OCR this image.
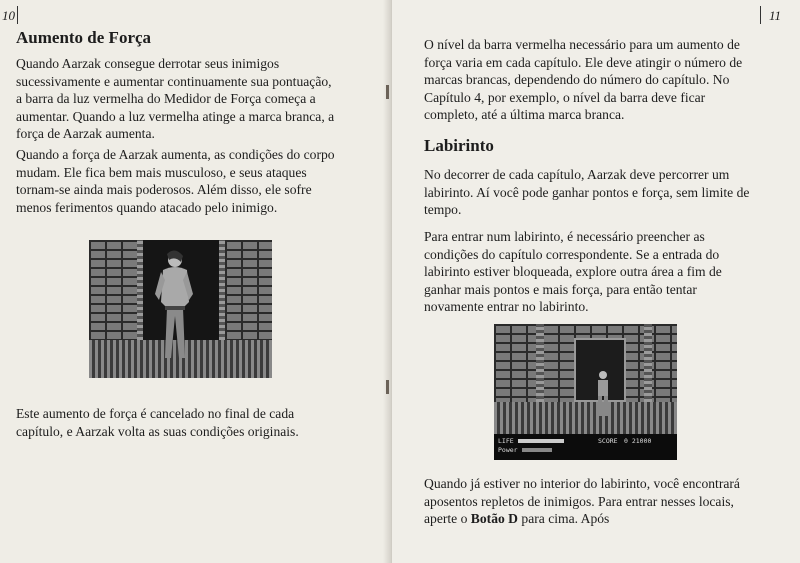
10
Aumento de Força

Quando Aarzak consegue derrotar seus inimigos sucessivamente e aumentar continuamente sua pontuação, a barra da luz vermelha do Medidor de Força começa a aumentar. Quando a luz vermelha atinge a marca branca, a força de Aarzak aumenta.

Quando a força de Aarzak aumenta, as condições do corpo mudam. Ele fica bem mais musculoso, e seus ataques tornam-se ainda mais poderosos. Além disso, ele sofre menos ferimentos quando atacado pelo inimigo.

Este aumento de força é cancelado no final de cada capítulo, e Aarzak volta as suas condições originais.

11

O nível da barra vermelha necessário para um aumento de força varia em cada capítulo. Ele deve atingir o número de marcas brancas, dependendo do número do capítulo. No Capítulo 4, por exemplo, o nível da barra deve ficar completo, até a última marca branca.

Labirinto

No decorrer de cada capítulo, Aarzak deve percorrer um labirinto. Aí você pode ganhar pontos e força, sem limite de tempo.

Para entrar num labirinto, é necessário preencher as condições do capítulo correspondente. Se a entrada do labirinto estiver bloqueada, explore outra área a fim de ganhar mais pontos e mais força, para então tentar novamente entrar no labirinto.

LIFE
Power
SCORE 0 21000

Quando já estiver no interior do labirinto, você encontrará aposentos repletos de inimigos. Para entrar nesses locais, aperte o Botão D para cima. Após
